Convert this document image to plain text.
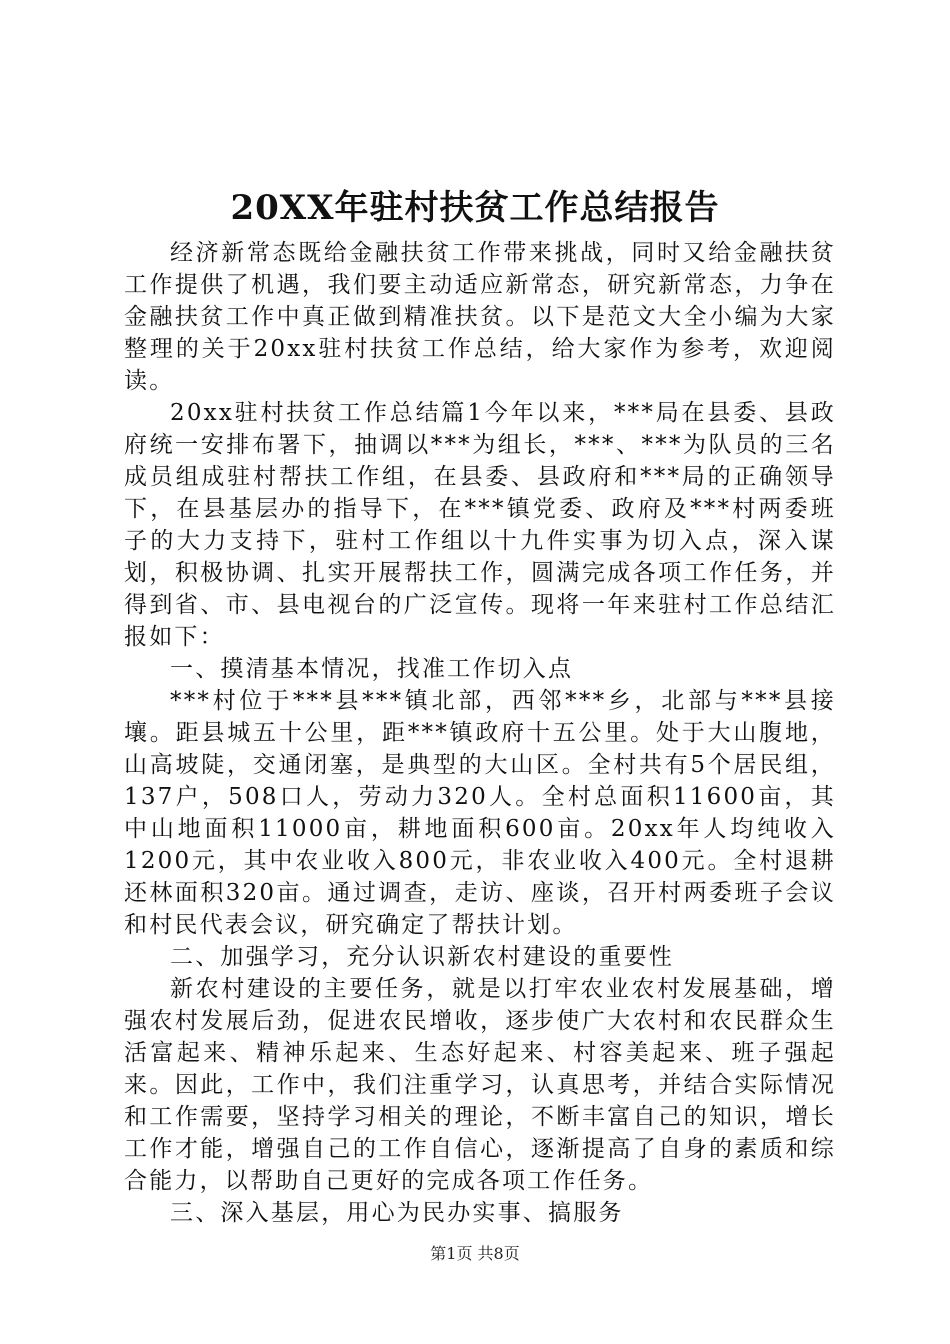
20XX年驻村扶贫工作总结报告

经济新常态既给金融扶贫工作带来挑战，同时又给金融扶贫工作提供了机遇，我们要主动适应新常态，研究新常态，力争在金融扶贫工作中真正做到精准扶贫。以下是范文大全小编为大家整理的关于20xx驻村扶贫工作总结，给大家作为参考，欢迎阅读。

20xx驻村扶贫工作总结篇1今年以来，***局在县委、县政府统一安排布署下，抽调以***为组长，***、***为队员的三名成员组成驻村帮扶工作组，在县委、县政府和***局的正确领导下，在县基层办的指导下，在***镇党委、政府及***村两委班子的大力支持下，驻村工作组以十九件实事为切入点，深入谋划，积极协调、扎实开展帮扶工作，圆满完成各项工作任务，并得到省、市、县电视台的广泛宣传。现将一年来驻村工作总结汇报如下：

一、摸清基本情况，找准工作切入点

***村位于***县***镇北部，西邻***乡，北部与***县接壤。距县城五十公里，距***镇政府十五公里。处于大山腹地，山高坡陡，交通闭塞，是典型的大山区。全村共有5个居民组，137户，508口人，劳动力320人。全村总面积11600亩，其中山地面积11000亩，耕地面积600亩。20xx年人均纯收入1200元，其中农业收入800元，非农业收入400元。全村退耕还林面积320亩。通过调查，走访、座谈，召开村两委班子会议和村民代表会议，研究确定了帮扶计划。

二、加强学习，充分认识新农村建设的重要性

新农村建设的主要任务，就是以打牢农业农村发展基础，增强农村发展后劲，促进农民增收，逐步使广大农村和农民群众生活富起来、精神乐起来、生态好起来、村容美起来、班子强起来。因此，工作中，我们注重学习，认真思考，并结合实际情况和工作需要，坚持学习相关的理论，不断丰富自己的知识，增长工作才能，增强自己的工作自信心，逐渐提高了自身的素质和综合能力，以帮助自己更好的完成各项工作任务。

三、深入基层，用心为民办实事、搞服务

第1页 共8页
